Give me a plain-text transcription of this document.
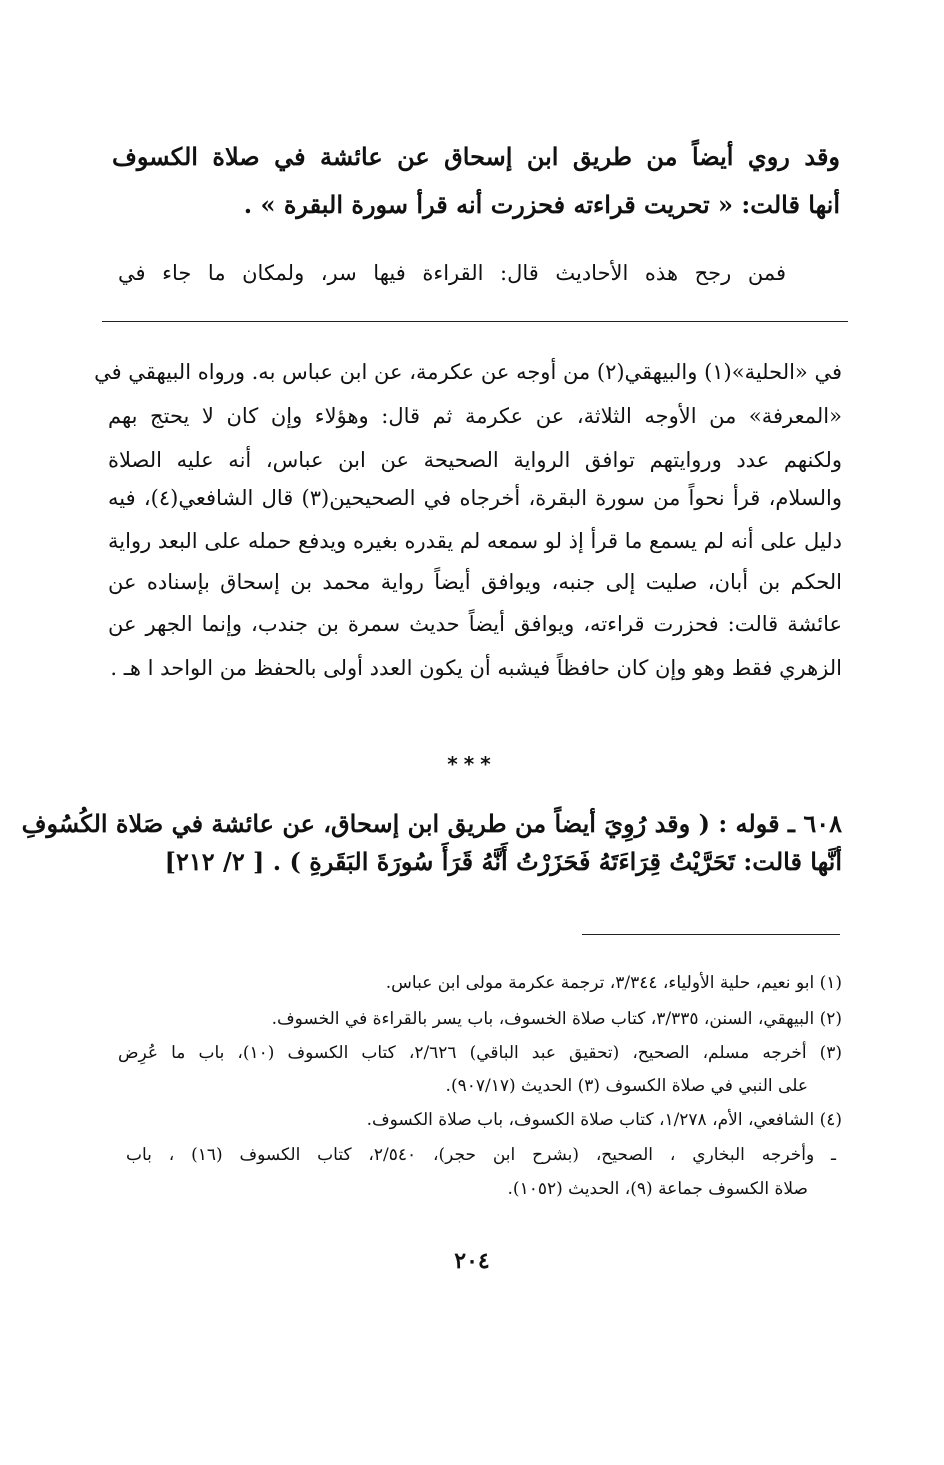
وقد روي أيضاً من طريق ابن إسحاق عن عائشة في صلاة الكسوف
أنها قالت: « تحريت قراءته فحزرت أنه قرأ سورة البقرة » .
فمن رجح هذه الأحاديث قال: القراءة فيها سر، ولمكان ما جاء في
في «الحلية»(١) والبيهقي(٢) من أوجه عن عكرمة، عن ابن عباس به. ورواه البيهقي في
«المعرفة» من الأوجه الثلاثة، عن عكرمة ثم قال: وهؤلاء وإن كان لا يحتج بهم
ولكنهم عدد وروايتهم توافق الرواية الصحيحة عن ابن عباس، أنه عليه الصلاة
والسلام، قرأ نحواً من سورة البقرة، أخرجاه في الصحيحين(٣) قال الشافعي(٤)، فيه
دليل على أنه لم يسمع ما قرأ إذ لو سمعه لم يقدره بغيره ويدفع حمله على البعد رواية
الحكم بن أبان، صليت إلى جنبه، ويوافق أيضاً رواية محمد بن إسحاق بإسناده عن
عائشة قالت: فحزرت قراءته، ويوافق أيضاً حديث سمرة بن جندب، وإنما الجهر عن
الزهري فقط وهو وإن كان حافظاً فيشبه أن يكون العدد أولى بالحفظ من الواحد ا هـ .
***
٦٠٨ ـ قوله : ( وقد رُوِيَ أيضاً من طريق ابن إسحاق، عن عائشة في صَلاة الكُسُوفِ
أنَّها قالت: تَحَرَّيْتُ قِرَاءَتَهُ فَحَزَرْتُ أَنَّهُ قَرَأَ سُورَةَ البَقَرةِ ) . [ ٢/ ٢١٢]
(١) ابو نعيم، حلية الأولياء، ٣/٣٤٤، ترجمة عكرمة مولى ابن عباس.
(٢) البيهقي، السنن، ٣/٣٣٥، كتاب صلاة الخسوف، باب يسر بالقراءة في الخسوف.
(٣) أخرجه مسلم، الصحيح، (تحقيق عبد الباقي) ٢/٦٢٦، كتاب الكسوف (١٠)، باب ما عُرِض
على النبي في صلاة الكسوف (٣) الحديث (٩٠٧/١٧).
(٤) الشافعي، الأم، ١/٢٧٨، كتاب صلاة الكسوف، باب صلاة الكسوف.
ـ وأخرجه البخاري ، الصحيح، (بشرح ابن حجر)، ٢/٥٤٠، كتاب الكسوف (١٦) ، باب
صلاة الكسوف جماعة (٩)، الحديث (١٠٥٢).
٢٠٤
